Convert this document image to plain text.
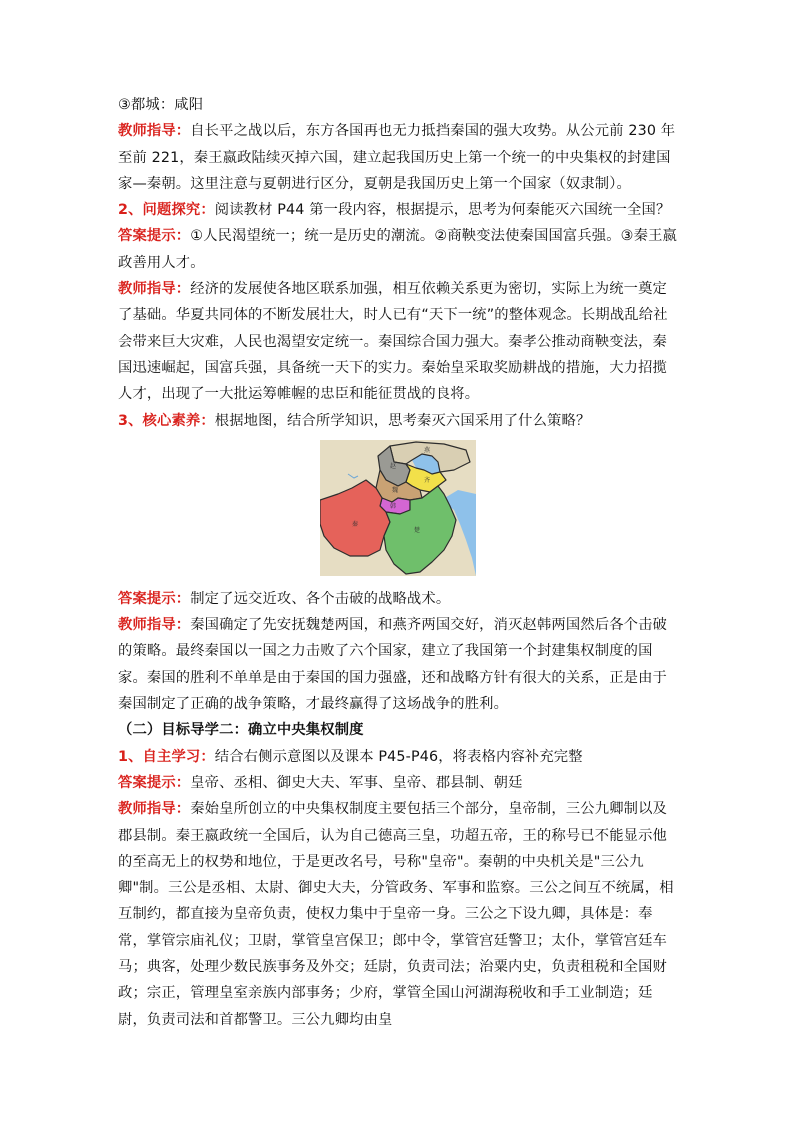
③都城：咸阳

教师指导：自长平之战以后，东方各国再也无力抵挡秦国的强大攻势。从公元前 230 年至前 221，秦王嬴政陆续灭掉六国，建立起我国历史上第一个统一的中央集权的封建国家—秦朝。这里注意与夏朝进行区分，夏朝是我国历史上第一个国家（奴隶制）。

2、问题探究：阅读教材 P44 第一段内容，根据提示，思考为何秦能灭六国统一全国？

答案提示：①人民渴望统一；统一是历史的潮流。②商鞅变法使秦国国富兵强。③秦王嬴政善用人才。

教师指导：经济的发展使各地区联系加强，相互依赖关系更为密切，实际上为统一奠定了基础。华夏共同体的不断发展壮大，时人已有“天下一统”的整体观念。长期战乱给社会带来巨大灾难，人民也渴望安定统一。秦国综合国力强大。秦孝公推动商鞅变法，秦国迅速崛起，国富兵强，具备统一天下的实力。秦始皇采取奖励耕战的措施，大力招揽人才，出现了一大批运筹帷幄的忠臣和能征贯战的良将。

3、核心素养：根据地图，结合所学知识，思考秦灭六国采用了什么策略？

赵
燕
齐
魏
韩
秦
楚

答案提示：制定了远交近攻、各个击破的战略战术。

教师指导：秦国确定了先安抚魏楚两国，和燕齐两国交好，消灭赵韩两国然后各个击破的策略。最终秦国以一国之力击败了六个国家，建立了我国第一个封建集权制度的国家。秦国的胜利不单单是由于秦国的国力强盛，还和战略方针有很大的关系，正是由于秦国制定了正确的战争策略，才最终赢得了这场战争的胜利。

（二）目标导学二：确立中央集权制度

1、自主学习：结合右侧示意图以及课本 P45-P46，将表格内容补充完整

答案提示：皇帝、丞相、御史大夫、军事、皇帝、郡县制、朝廷

教师指导：秦始皇所创立的中央集权制度主要包括三个部分，皇帝制，三公九卿制以及郡县制。秦王嬴政统一全国后，认为自己德高三皇，功超五帝，王的称号已不能显示他的至高无上的权势和地位，于是更改名号，号称"皇帝"。秦朝的中央机关是"三公九卿"制。三公是丞相、太尉、御史大夫，分管政务、军事和监察。三公之间互不统属，相互制约，都直接为皇帝负责，使权力集中于皇帝一身。三公之下设九卿，具体是：奉常，掌管宗庙礼仪；卫尉，掌管皇宫保卫；郎中令，掌管宫廷警卫；太仆，掌管宫廷车马；典客，处理少数民族事务及外交；廷尉，负责司法；治粟内史，负责租税和全国财政；宗正，管理皇室亲族内部事务；少府，掌管全国山河湖海税收和手工业制造；廷尉，负责司法和首都警卫。三公九卿均由皇
